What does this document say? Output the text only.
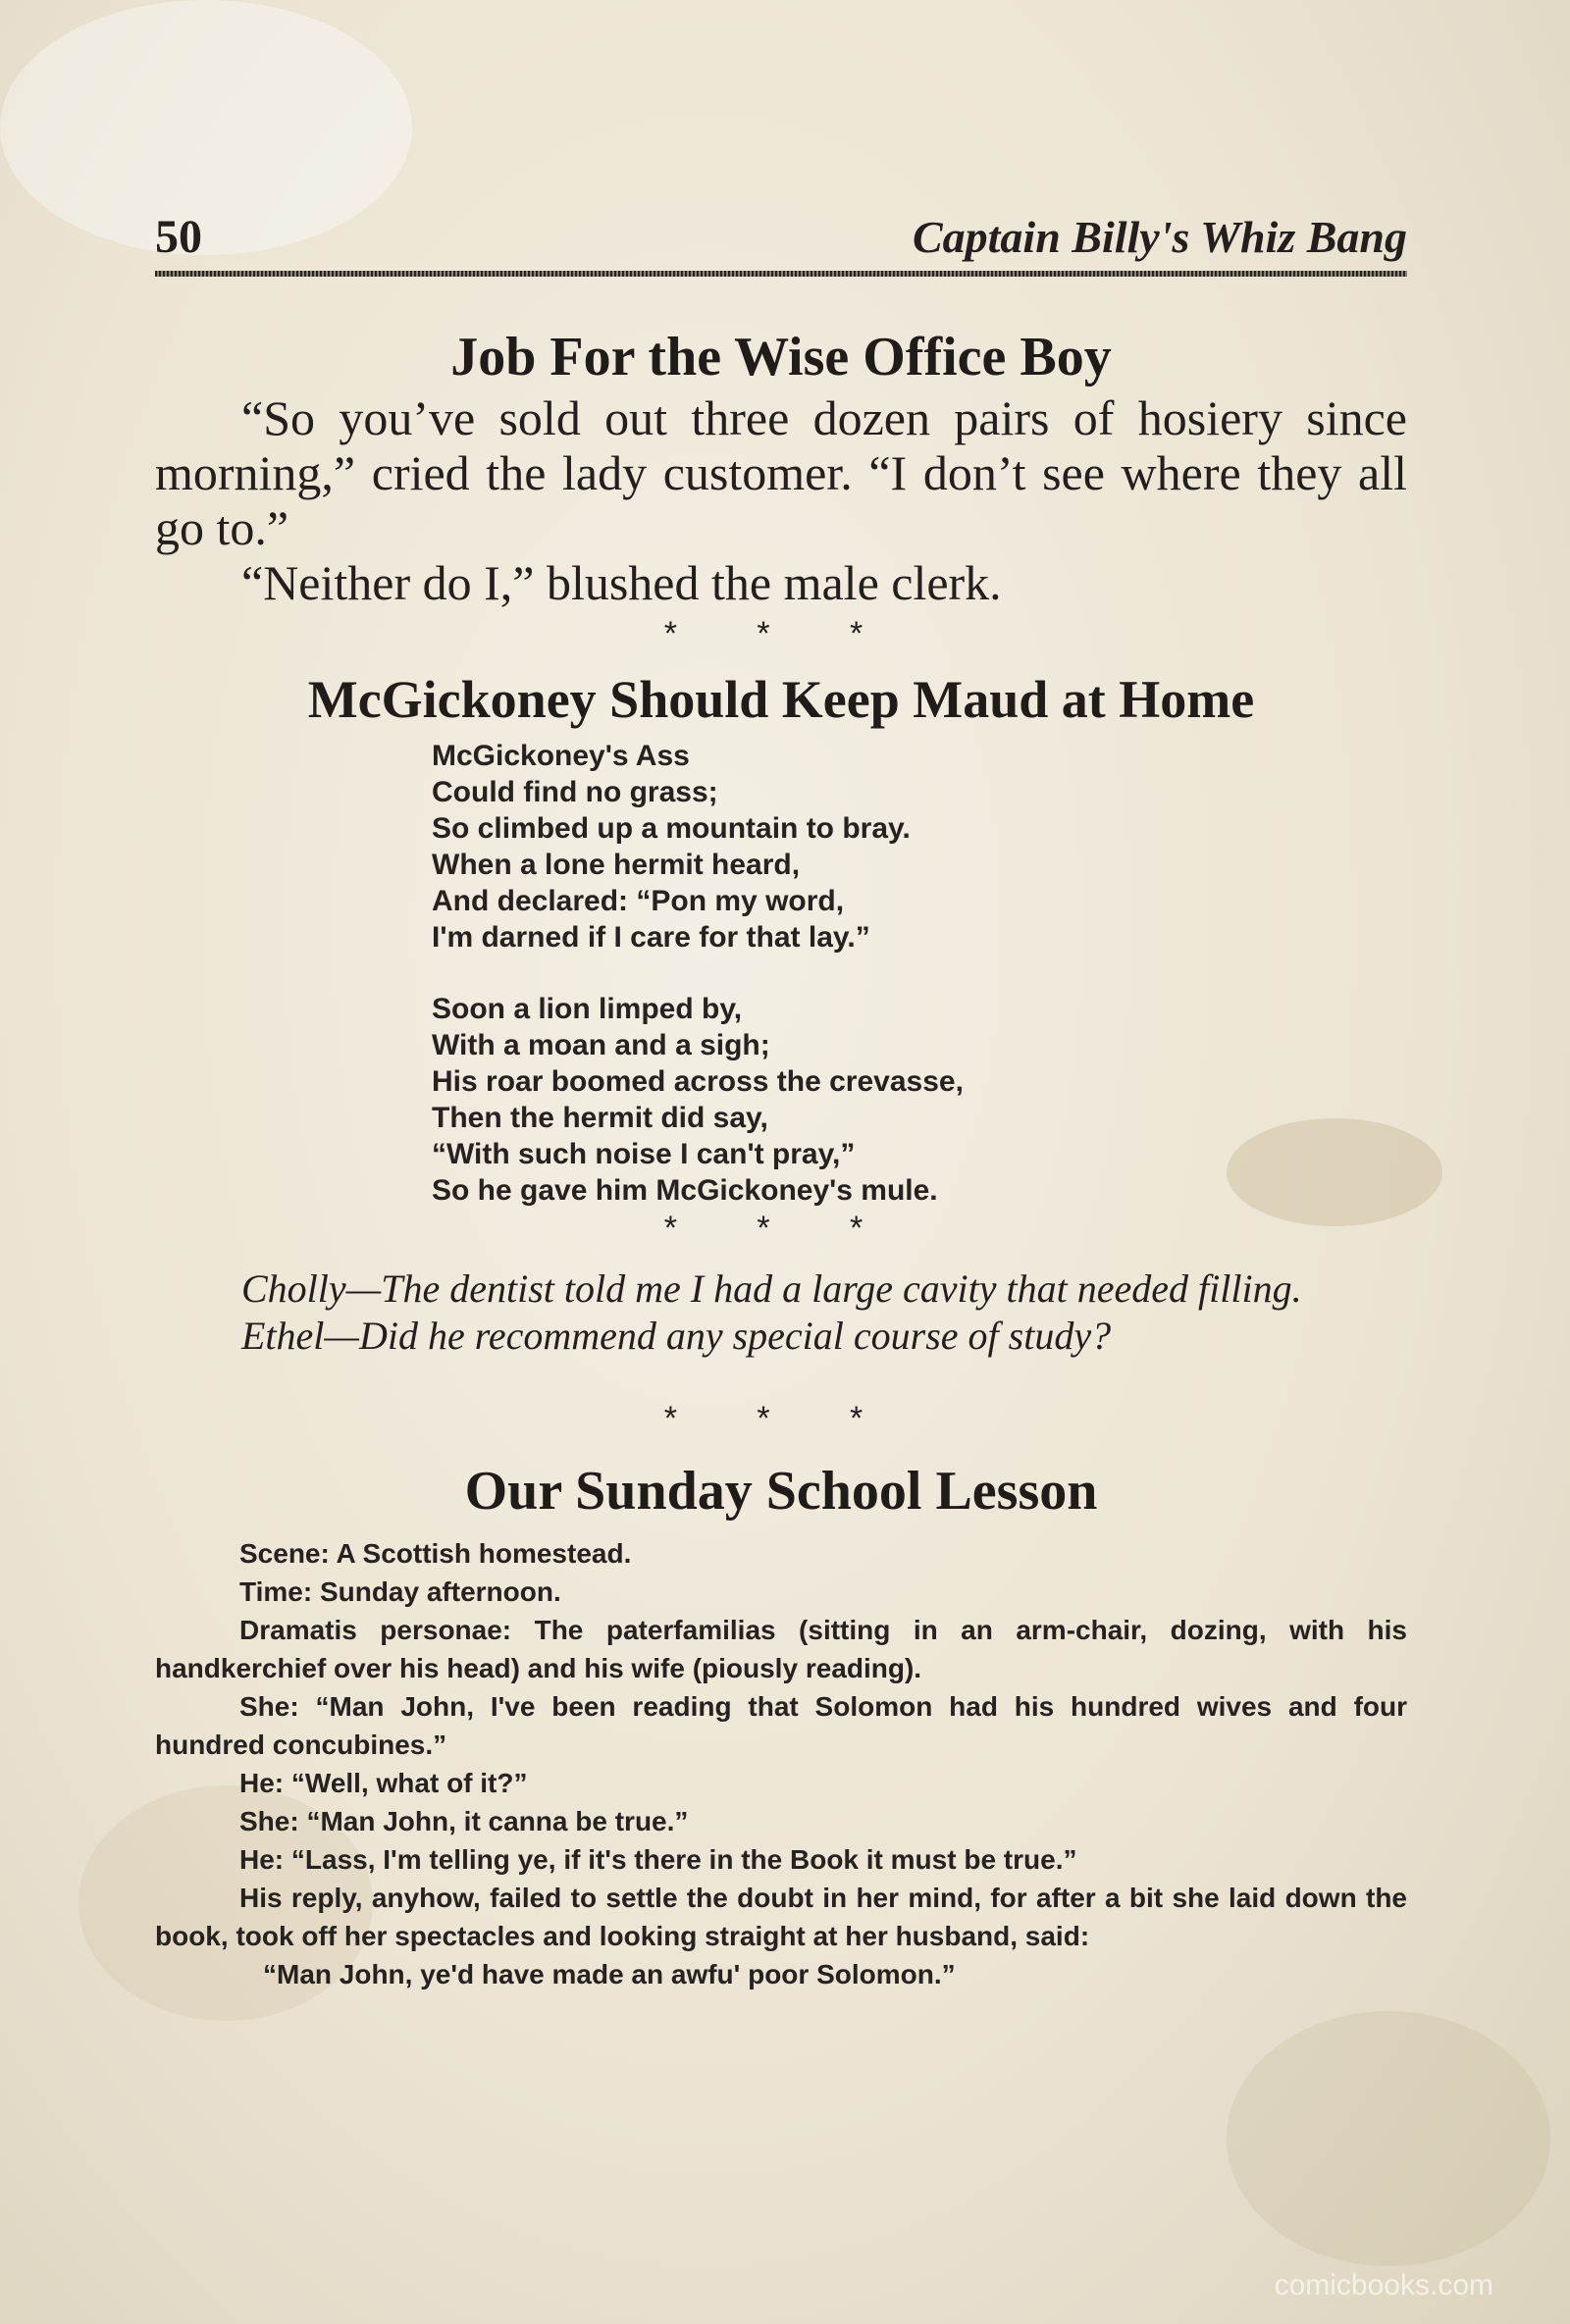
50	Captain Billy's Whiz Bang
Job For the Wise Office Boy

“So you’ve sold out three dozen pairs of hosiery since morning,” cried the lady customer. “I don’t see where they all go to.”

“Neither do I,” blushed the male clerk.

* * *

McGickoney Should Keep Maud at Home

McGickoney's Ass

Could find no grass;

So climbed up a mountain to bray.

When a lone hermit heard,

And declared: “Pon my word,

I'm darned if I care for that lay.”

Soon a lion limped by,

With a moan and a sigh;

His roar boomed across the crevasse,

Then the hermit did say,

“With such noise I can't pray,”

So he gave him McGickoney's mule.

* * *

Cholly—The dentist told me I had a large cavity that needed filling.

Ethel—Did he recommend any special course of study?

* * *

Our Sunday School Lesson

Scene: A Scottish homestead.

Time: Sunday afternoon.

Dramatis personae: The paterfamilias (sitting in an arm-chair, dozing, with his handkerchief over his head) and his wife (piously reading).

She: “Man John, I've been reading that Solomon had his hundred wives and four hundred concubines.”

He: “Well, what of it?”

She: “Man John, it canna be true.”

He: “Lass, I'm telling ye, if it's there in the Book it must be true.”

His reply, anyhow, failed to settle the doubt in her mind, for after a bit she laid down the book, took off her spectacles and looking straight at her husband, said:

“Man John, ye'd have made an awfu' poor Solomon.”

comicbooks.com
